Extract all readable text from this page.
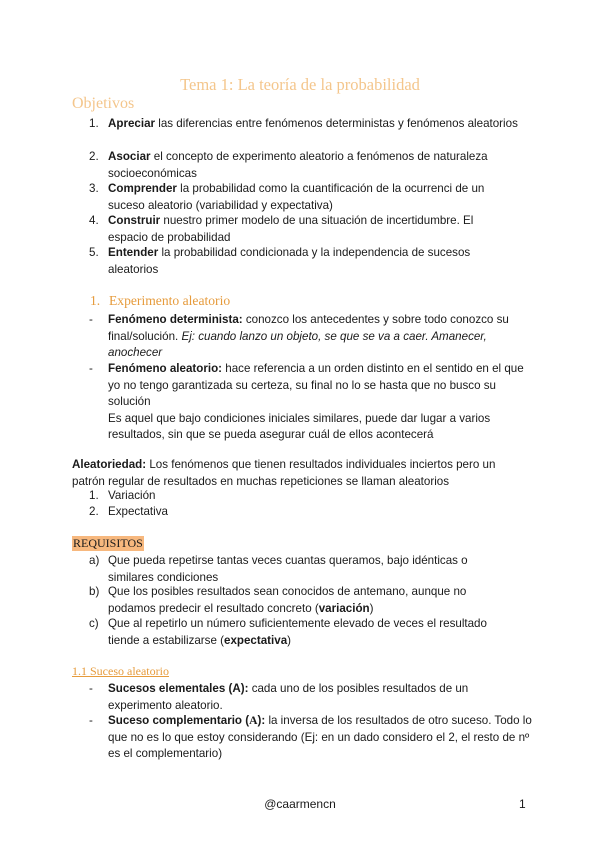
Tema 1: La teoría de la probabilidad
Objetivos
1. Apreciar las diferencias entre fenómenos deterministas y fenómenos aleatorios
2. Asociar el concepto de experimento aleatorio a fenómenos de naturaleza socioeconómicas
3. Comprender la probabilidad como la cuantificación de la ocurrenci de un suceso aleatorio (variabilidad y expectativa)
4. Construir nuestro primer modelo de una situación de incertidumbre. El espacio de probabilidad
5. Entender la probabilidad condicionada y la independencia de sucesos aleatorios
1. Experimento aleatorio
- Fenómeno determinista: conozco los antecedentes y sobre todo conozco su final/solución. Ej: cuando lanzo un objeto, se que se va a caer. Amanecer, anochecer
- Fenómeno aleatorio: hace referencia a un orden distinto en el sentido en el que yo no tengo garantizada su certeza, su final no lo se hasta que no busco su solución
Es aquel que bajo condiciones iniciales similares, puede dar lugar a varios resultados, sin que se pueda asegurar cuál de ellos acontecerá
Aleatoriedad: Los fenómenos que tienen resultados individuales inciertos pero un patrón regular de resultados en muchas repeticiones se llaman aleatorios
1. Variación
2. Expectativa
REQUISITOS
a) Que pueda repetirse tantas veces cuantas queramos, bajo idénticas o similares condiciones
b) Que los posibles resultados sean conocidos de antemano, aunque no podamos predecir el resultado concreto (variación)
c) Que al repetirlo un número suficientemente elevado de veces el resultado tiende a estabilizarse (expectativa)
1.1 Suceso aleatorio
- Sucesos elementales (A): cada uno de los posibles resultados de un experimento aleatorio.
- Suceso complementario (A): la inversa de los resultados de otro suceso. Todo lo que no es lo que estoy considerando (Ej: en un dado considero el 2, el resto de nº es el complementario)
@caarmencn	1
